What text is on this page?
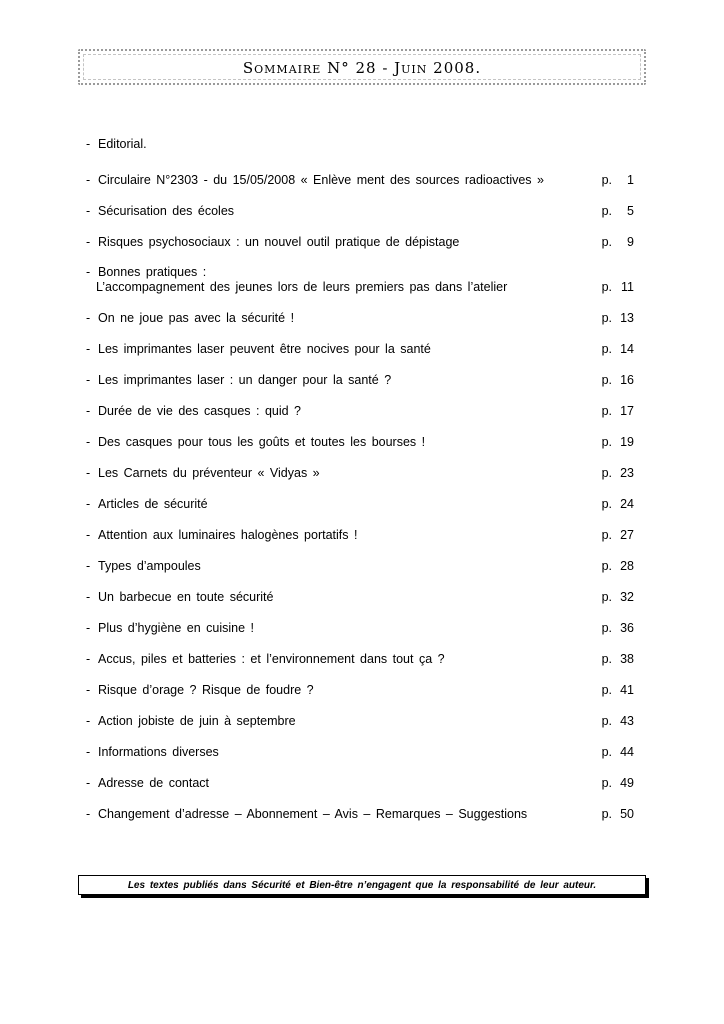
Sommaire N° 28 - Juin 2008.
- Editorial.
- Circulaire N°2303 - du 15/05/2008 « Enlève ment des sources radioactives »	p. 1
- Sécurisation des écoles	p. 5
- Risques psychosociaux : un nouvel outil pratique de dépistage	p. 9
- Bonnes pratiques :
L’accompagnement des jeunes lors de leurs premiers pas dans l’atelier	p. 11
- On ne joue pas avec la sécurité !	p. 13
- Les imprimantes laser peuvent être nocives pour la santé	p. 14
- Les imprimantes laser : un danger pour la santé ?	p. 16
- Durée de vie des casques : quid ?	p. 17
- Des casques pour tous les goûts et toutes les bourses !	p. 19
- Les Carnets du préventeur « Vidyas »	p. 23
- Articles de sécurité	p. 24
- Attention aux luminaires halogènes portatifs !	p. 27
- Types d’ampoules	p. 28
- Un barbecue en toute sécurité	p. 32
- Plus d’hygiène en cuisine !	p. 36
- Accus, piles et batteries : et l’environnement dans tout ça ?	p. 38
- Risque d’orage ? Risque de foudre ?	p. 41
- Action jobiste de juin à septembre	p. 43
- Informations diverses	p. 44
- Adresse de contact	p. 49
- Changement d’adresse – Abonnement – Avis – Remarques – Suggestions	p. 50
Les textes publiés dans Sécurité et Bien-être n’engagent que la responsabilité de leur auteur.
